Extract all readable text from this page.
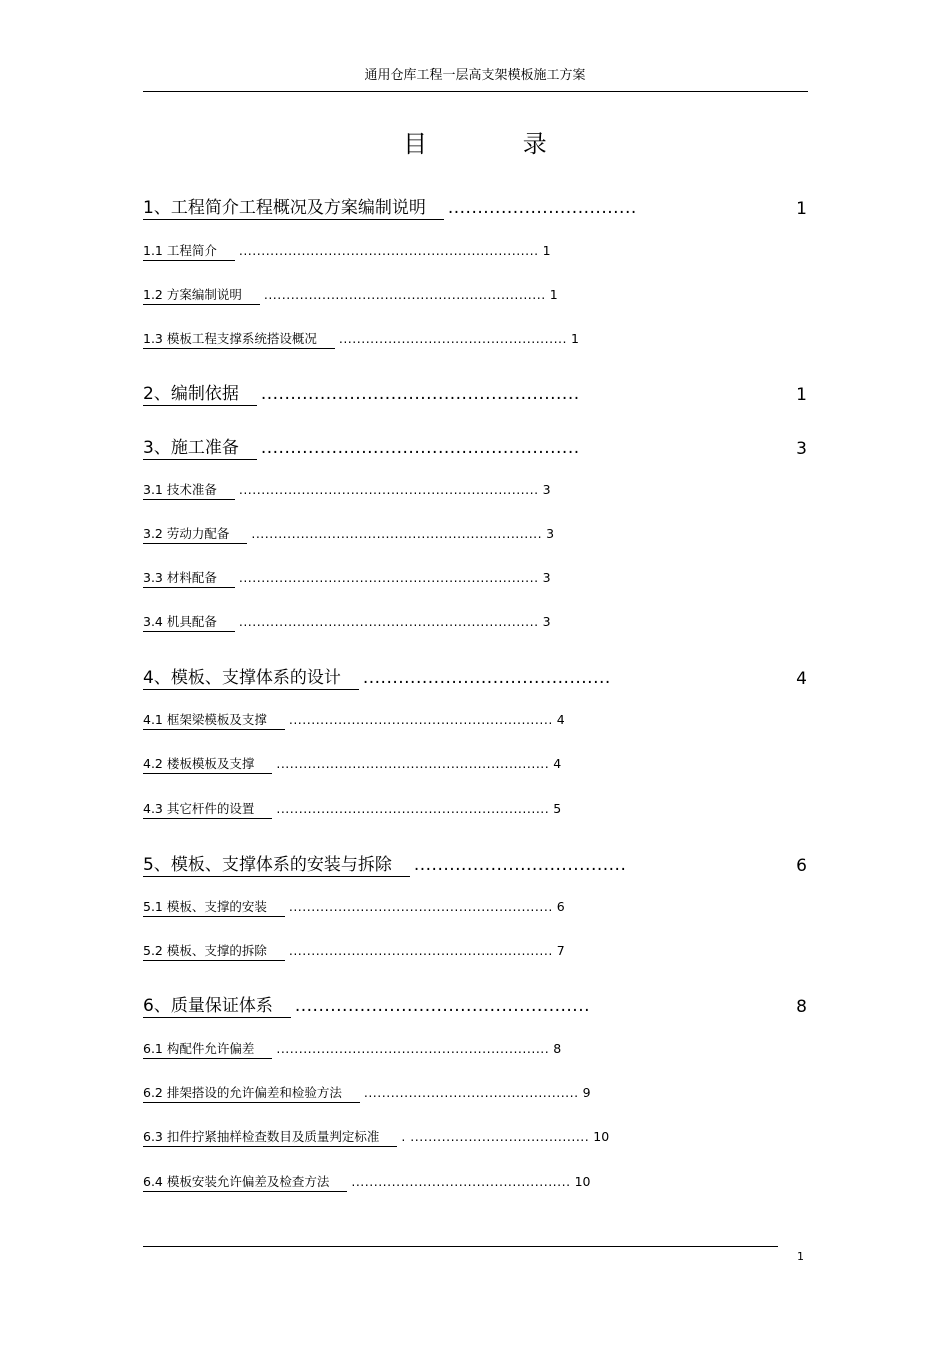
通用仓库工程一层高支架模板施工方案
目 录
1、工程简介工程概况及方案编制说明 ................................	1
1.1 工程简介 ................................................................... 1
1.2 方案编制说明 ............................................................... 1
1.3 模板工程支撑系统搭设概况 ................................................... 1
2、编制依据 ......................................................	1
3、施工准备 ......................................................	3
3.1 技术准备 ................................................................... 3
3.2 劳动力配备 ................................................................. 3
3.3 材料配备 ................................................................... 3
3.4 机具配备 ................................................................... 3
4、模板、支撑体系的设计 ..........................................	4
4.1 框架梁模板及支撑 ........................................................... 4
4.2 楼板模板及支撑 ............................................................. 4
4.3 其它杆件的设置 ............................................................. 5
5、模板、支撑体系的安装与拆除 ....................................	6
5.1 模板、支撑的安装 ........................................................... 6
5.2 模板、支撑的拆除 ........................................................... 7
6、质量保证体系 ..................................................	8
6.1 构配件允许偏差 ............................................................. 8
6.2 排架搭设的允许偏差和检验方法 ................................................ 9
6.3 扣件拧紧抽样检查数目及质量判定标准 . ........................................ 10
6.4 模板安装允许偏差及检查方法 ................................................. 10
1
